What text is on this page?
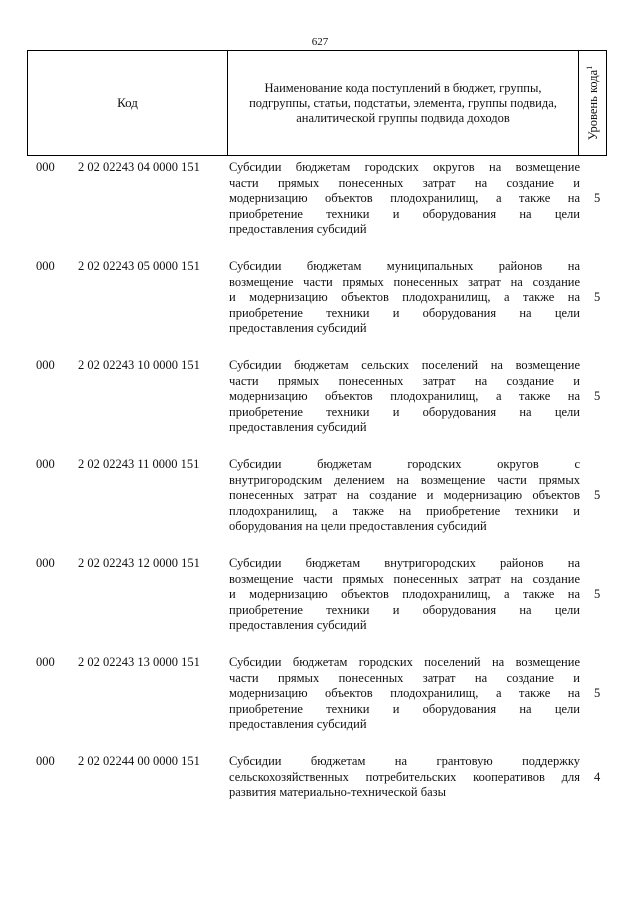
627
Код
Наименование кода поступлений в бюджет, группы, подгруппы, статьи, подстатьи, элемента, группы подвида, аналитической группы подвида доходов	Уровень кода$^1$
000 2 02 02243 04 0000 151 Субсидии бюджетам городских округов на возмещение
части прямых понесенных затрат на создание и
модернизацию объектов плодохранилищ, а также на
приобретение техники и оборудования на цели
предоставления субсидий
5
000 2 02 02243 05 0000 151 Субсидии бюджетам муниципальных районов на
возмещение части прямых понесенных затрат на создание
и модернизацию объектов плодохранилищ, а также на
приобретение техники и оборудования на цели
предоставления субсидий
5
000 2 02 02243 10 0000 151 Субсидии бюджетам сельских поселений на возмещение
части прямых понесенных затрат на создание и
модернизацию объектов плодохранилищ, а также на
приобретение техники и оборудования на цели
предоставления субсидий
5
000 2 02 02243 11 0000 151 Субсидии бюджетам городских округов с
внутригородским делением на возмещение части прямых
понесенных затрат на создание и модернизацию объектов
плодохранилищ, а также на приобретение техники и
оборудования на цели предоставления субсидий
5
000 2 02 02243 12 0000 151 Субсидии бюджетам внутригородских районов на
возмещение части прямых понесенных затрат на создание
и модернизацию объектов плодохранилищ, а также на
приобретение техники и оборудования на цели
предоставления субсидий
5
000 2 02 02243 13 0000 151 Субсидии бюджетам городских поселений на возмещение
части прямых понесенных затрат на создание и
модернизацию объектов плодохранилищ, а также на
приобретение техники и оборудования на цели
предоставления субсидий
5
000 2 02 02244 00 0000 151 Субсидии бюджетам на грантовую поддержку
сельскохозяйственных потребительских кооперативов для
развития материально-технической базы
4
